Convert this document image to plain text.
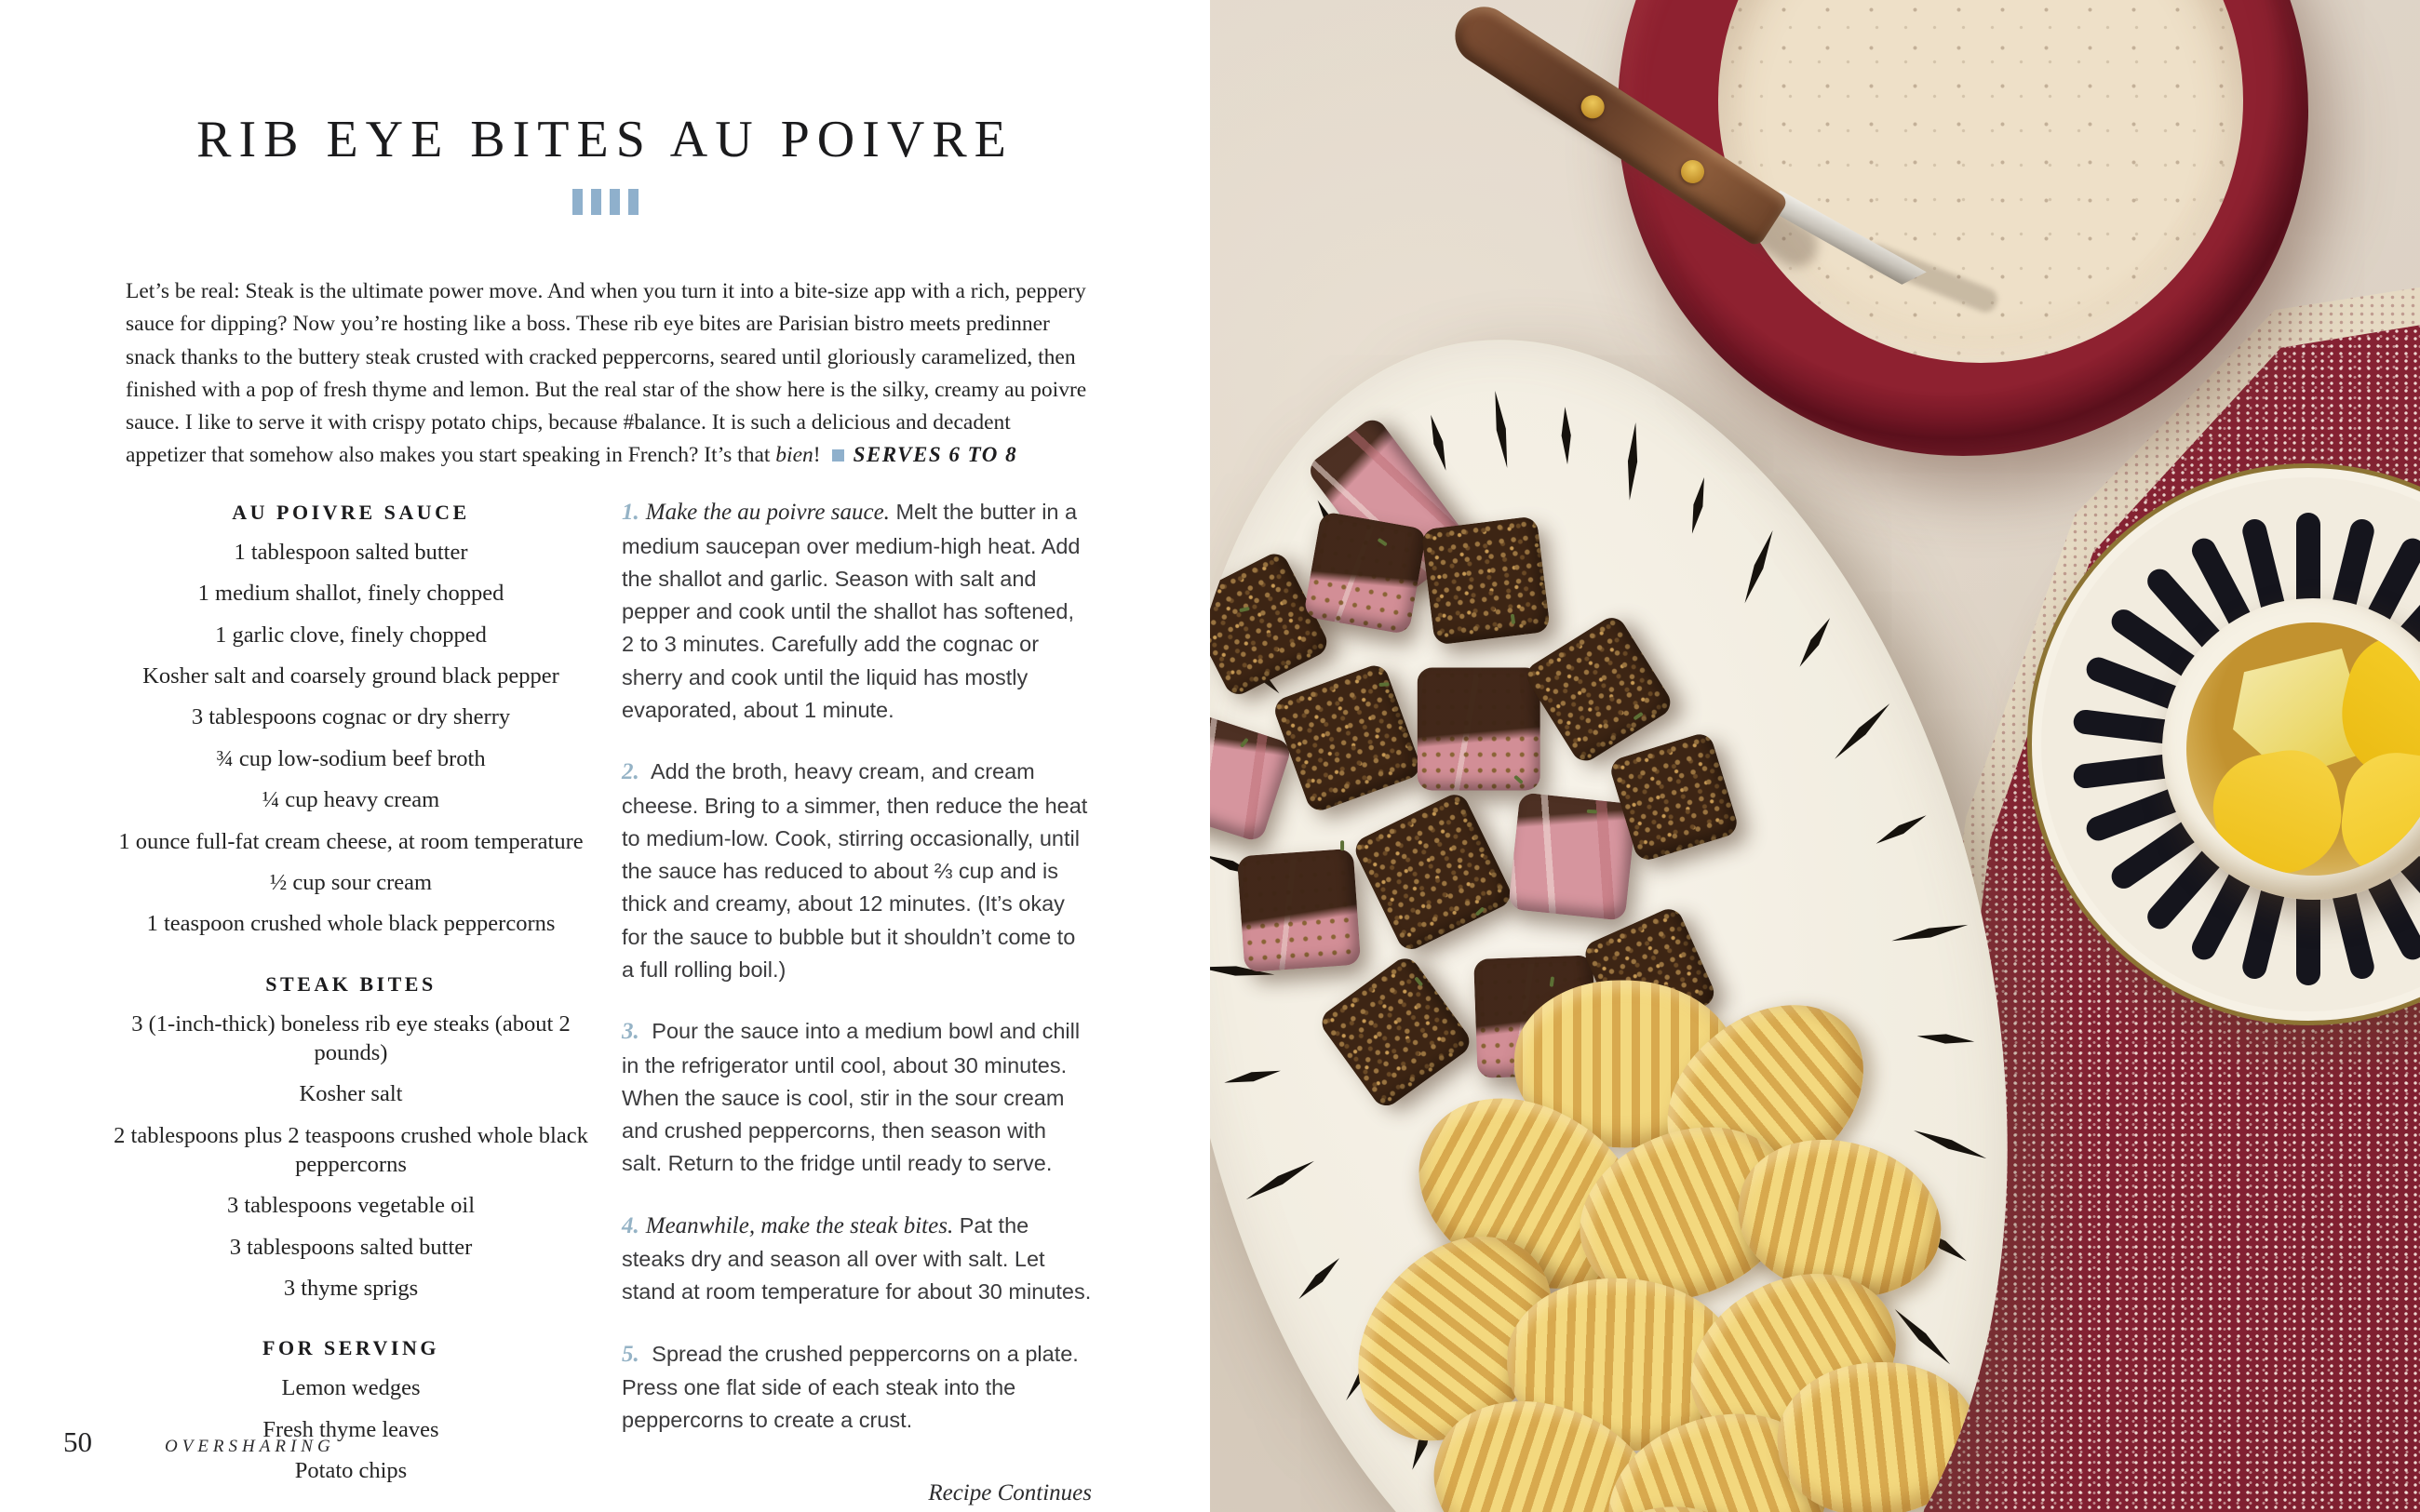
RIB EYE BITES AU POIVRE

Let’s be real: Steak is the ultimate power move. And when you turn it into a bite-size app with a rich, peppery sauce for dipping? Now you’re hosting like a boss. These rib eye bites are Parisian bistro meets predinner snack thanks to the buttery steak crusted with cracked peppercorns, seared until gloriously caramelized, then finished with a pop of fresh thyme and lemon. But the real star of the show here is the silky, creamy au poivre sauce. I like to serve it with crispy potato chips, because #balance. It is such a delicious and decadent appetizer that somehow also makes you start speaking in French? It’s that bien! SERVES 6 TO 8

AU POIVRE SAUCE
1 tablespoon salted butter
1 medium shallot, finely chopped
1 garlic clove, finely chopped
Kosher salt and coarsely ground black pepper
3 tablespoons cognac or dry sherry
¾ cup low-sodium beef broth
¼ cup heavy cream
1 ounce full-fat cream cheese, at room temperature
½ cup sour cream
1 teaspoon crushed whole black peppercorns
STEAK BITES
3 (1-inch-thick) boneless rib eye steaks (about 2 pounds)
Kosher salt
2 tablespoons plus 2 teaspoons crushed whole black peppercorns
3 tablespoons vegetable oil
3 tablespoons salted butter
3 thyme sprigs
FOR SERVING
Lemon wedges
Fresh thyme leaves
Potato chips

1. Make the au poivre sauce. Melt the butter in a medium saucepan over medium-high heat. Add the shallot and garlic. Season with salt and pepper and cook until the shallot has softened, 2 to 3 minutes. Carefully add the cognac or sherry and cook until the liquid has mostly evaporated, about 1 minute.

2. Add the broth, heavy cream, and cream cheese. Bring to a simmer, then reduce the heat to medium-low. Cook, stirring occasionally, until the sauce has reduced to about ⅔ cup and is thick and creamy, about 12 minutes. (It’s okay for the sauce to bubble but it shouldn’t come to a full rolling boil.)

3. Pour the sauce into a medium bowl and chill in the refrigerator until cool, about 30 minutes. When the sauce is cool, stir in the sour cream and crushed peppercorns, then season with salt. Return to the fridge until ready to serve.

4. Meanwhile, make the steak bites. Pat the steaks dry and season all over with salt. Let stand at room temperature for about 30 minutes.

5. Spread the crushed peppercorns on a plate. Press one flat side of each steak into the peppercorns to create a crust.

Recipe Continues
50	OVERSHARING
